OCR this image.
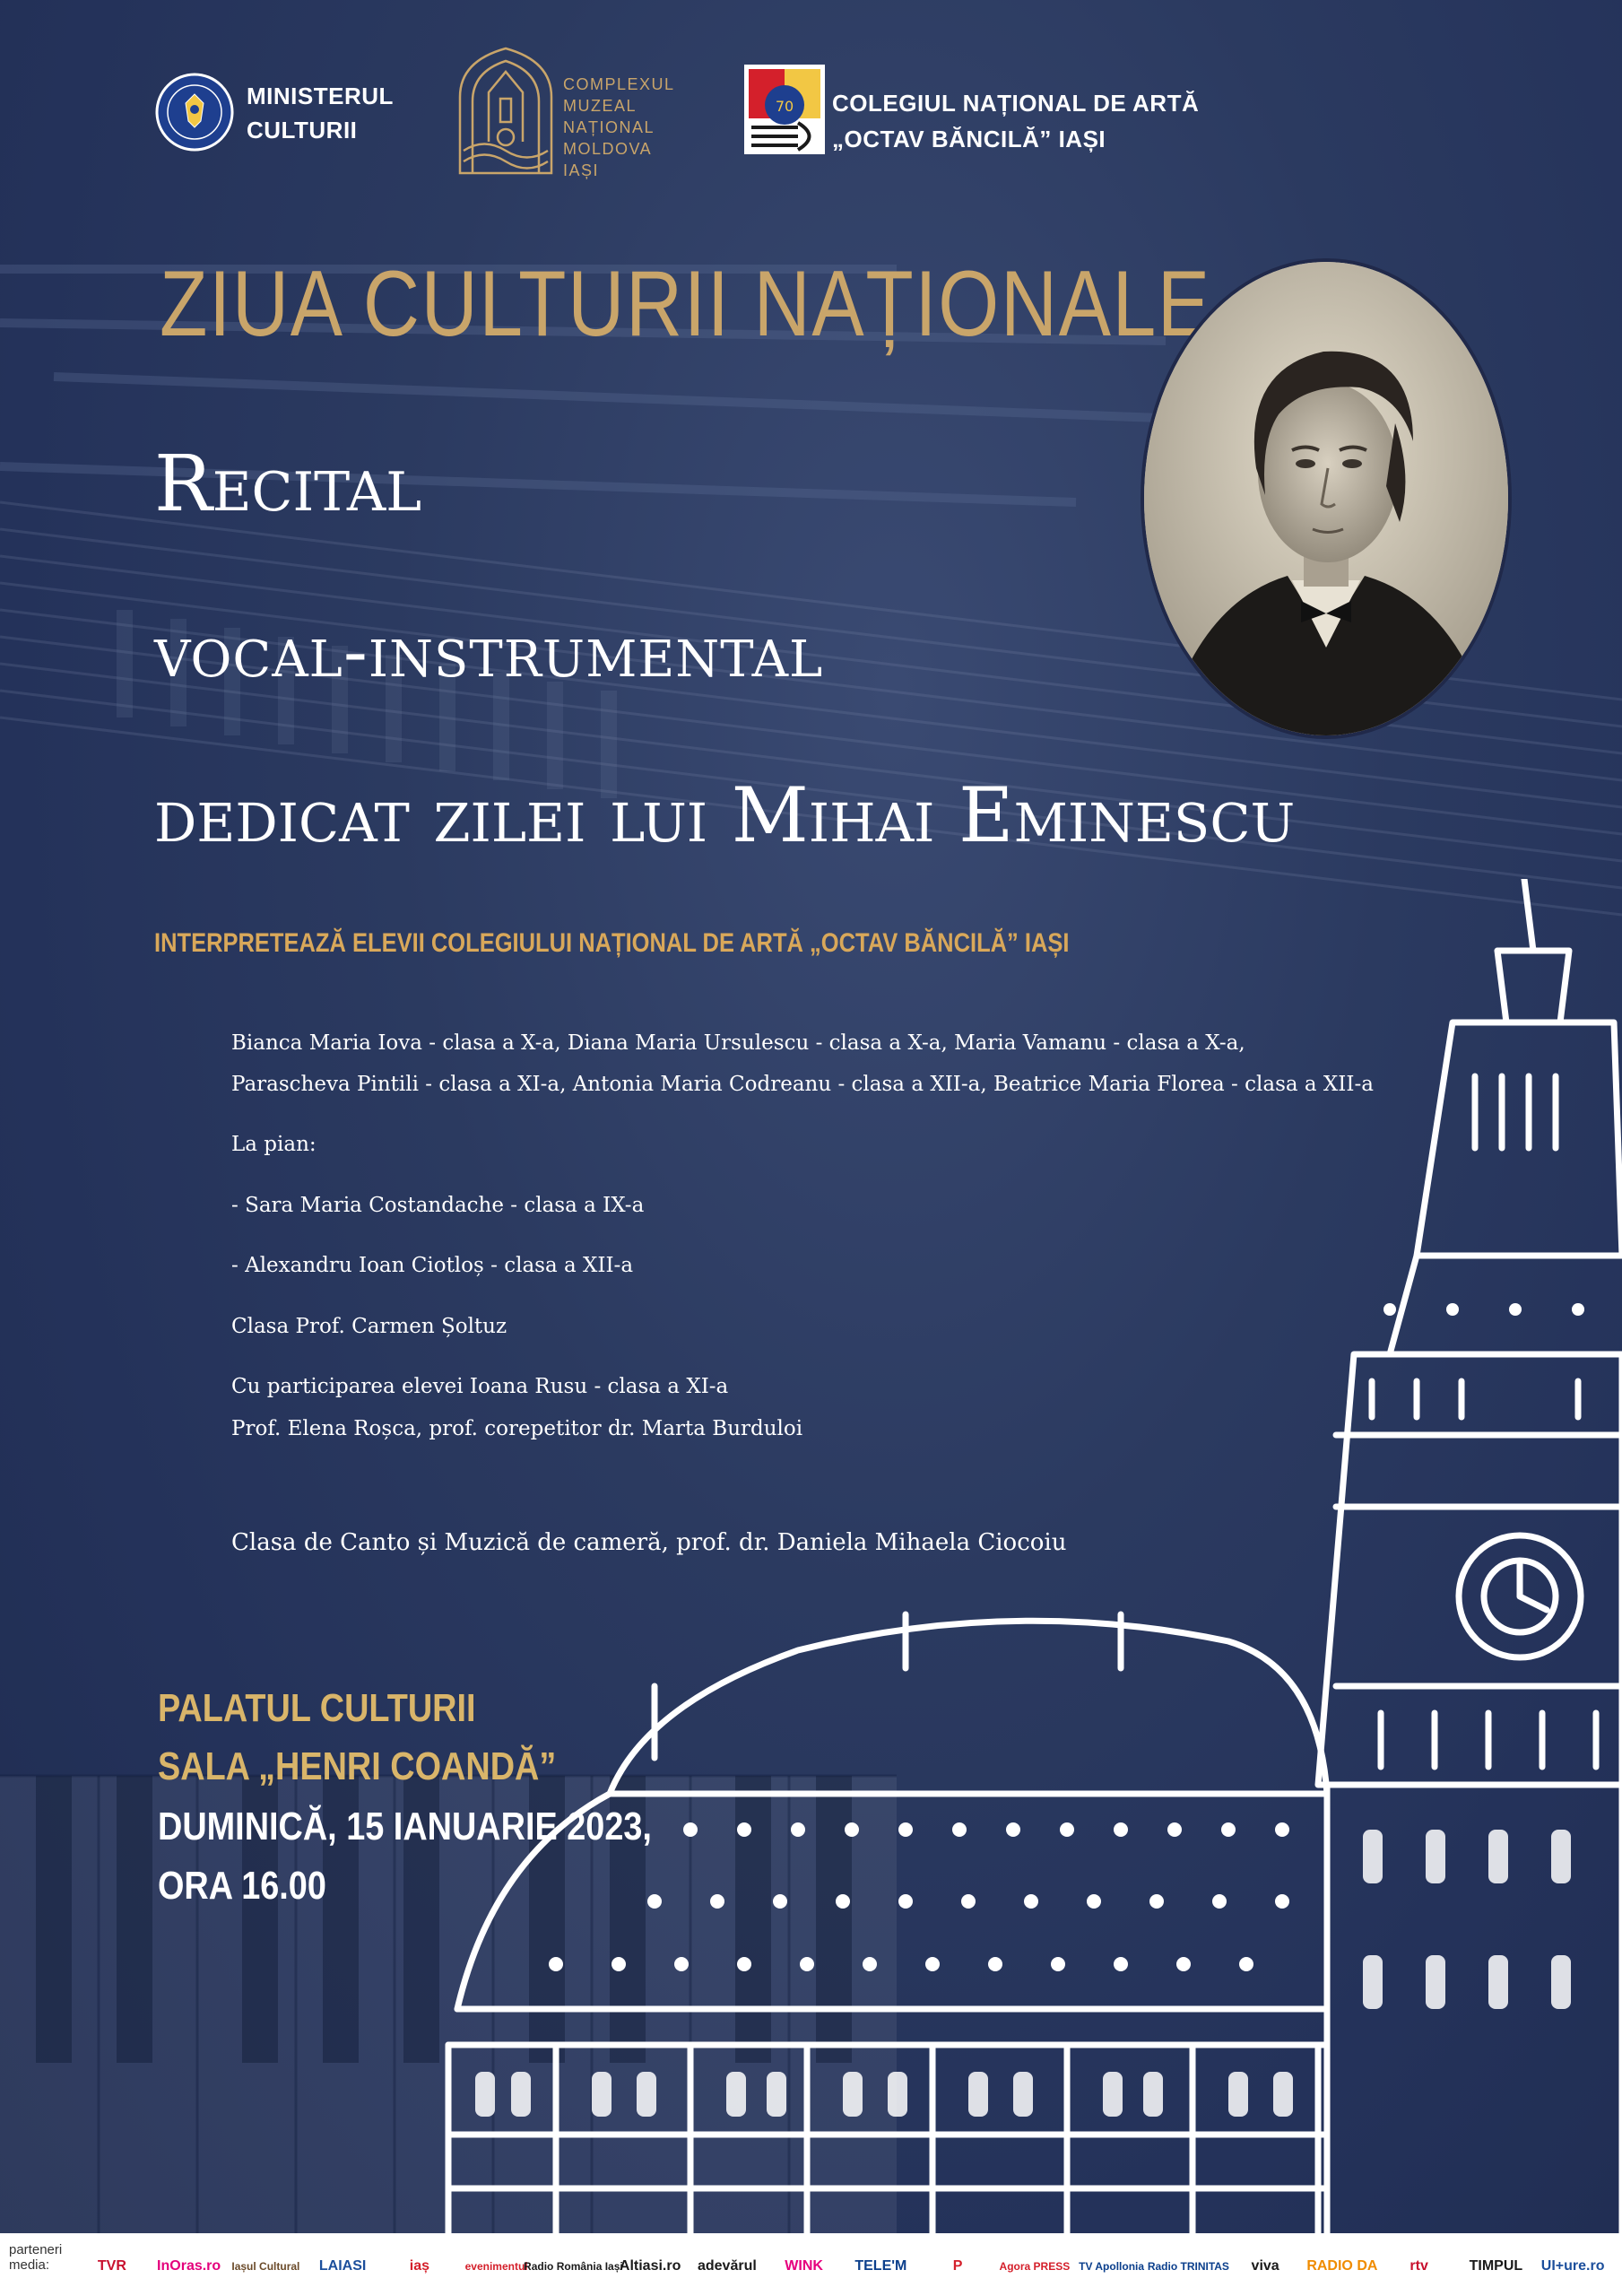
MINISTERUL
CULTURII
COMPLEXUL
MUZEAL
NAȚIONAL
MOLDOVA
IAȘI
70 COLEGIUL NAȚIONAL DE ARTĂ
„OCTAV BĂNCILĂ” IAȘI
ZIUA CULTURII NAȚIONALE
Recital
vocal-instrumental
dedicat zilei lui Mihai Eminescu
INTERPRETEAZĂ ELEVII COLEGIULUI NAȚIONAL DE ARTĂ „OCTAV BĂNCILĂ” IAȘI
Bianca Maria Iova - clasa a X-a, Diana Maria Ursulescu - clasa a X-a, Maria Vamanu - clasa a X-a,
Parascheva Pintili - clasa a XI-a, Antonia Maria Codreanu - clasa a XII-a, Beatrice Maria Florea - clasa a XII-a
La pian:
- Sara Maria Costandache - clasa a IX-a
- Alexandru Ioan Ciotloș - clasa a XII-a
Clasa Prof. Carmen Șoltuz
Cu participarea elevei Ioana Rusu - clasa a XI-a
Prof. Elena Roșca, prof. corepetitor dr. Marta Burduloi
Clasa de Canto și Muzică de cameră, prof. dr. Daniela Mihaela Ciocoiu
PALATUL CULTURII
SALA „HENRI COANDĂ”
DUMINICĂ, 15 IANUARIE 2023,
ORA 16.00
parteneri
media:	TVR	InOras.ro	Iașul Cultural	LAIASI	iaș	evenimentul
Radio România Iași
Altiasi.ro	adevărul	WINK	TELE'M	P	Agora PRESS TV Apollonia Radio TRINITAS	viva	RADIO DA	rtv	TIMPUL	UI+ure.ro
